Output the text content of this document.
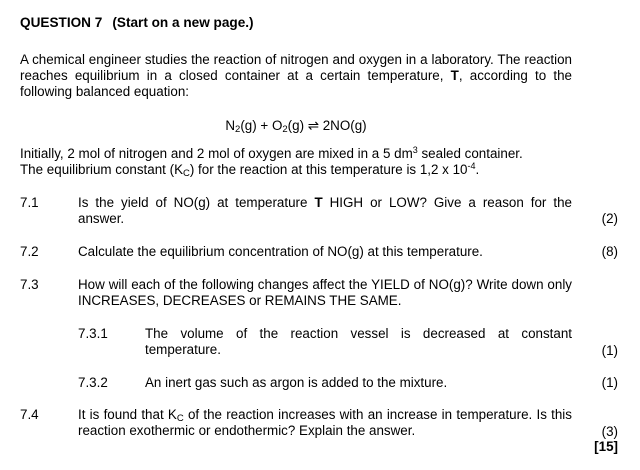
QUESTION 7 (Start on a new page.)
A chemical engineer studies the reaction of nitrogen and oxygen in a laboratory. The reaction reaches equilibrium in a closed container at a certain temperature, T, according to the following balanced equation:
$N_2(g) + O_2(g)$ ⇌ 2NO(g)
Initially, 2 mol of nitrogen and 2 mol of oxygen are mixed in a 5 $dm^3$ sealed container.
The equilibrium constant $(K_C)$ for the reaction at this temperature is 1,2 x $10^{-4}$.
7.1	Is the yield of NO(g) at temperature T HIGH or LOW? Give a reason for the answer.	(2)
7.2	Calculate the equilibrium concentration of NO(g) at this temperature.	(8)
7.3	How will each of the following changes affect the YIELD of NO(g)? Write down only INCREASES, DECREASES or REMAINS THE SAME.
7.3.1	The volume of the reaction vessel is decreased at constant temperature.	(1)
7.3.2	An inert gas such as argon is added to the mixture.	(1)
7.4	It is found that $K_C$ of the reaction increases with an increase in temperature. Is this reaction exothermic or endothermic? Explain the answer.	(3)
[15]
